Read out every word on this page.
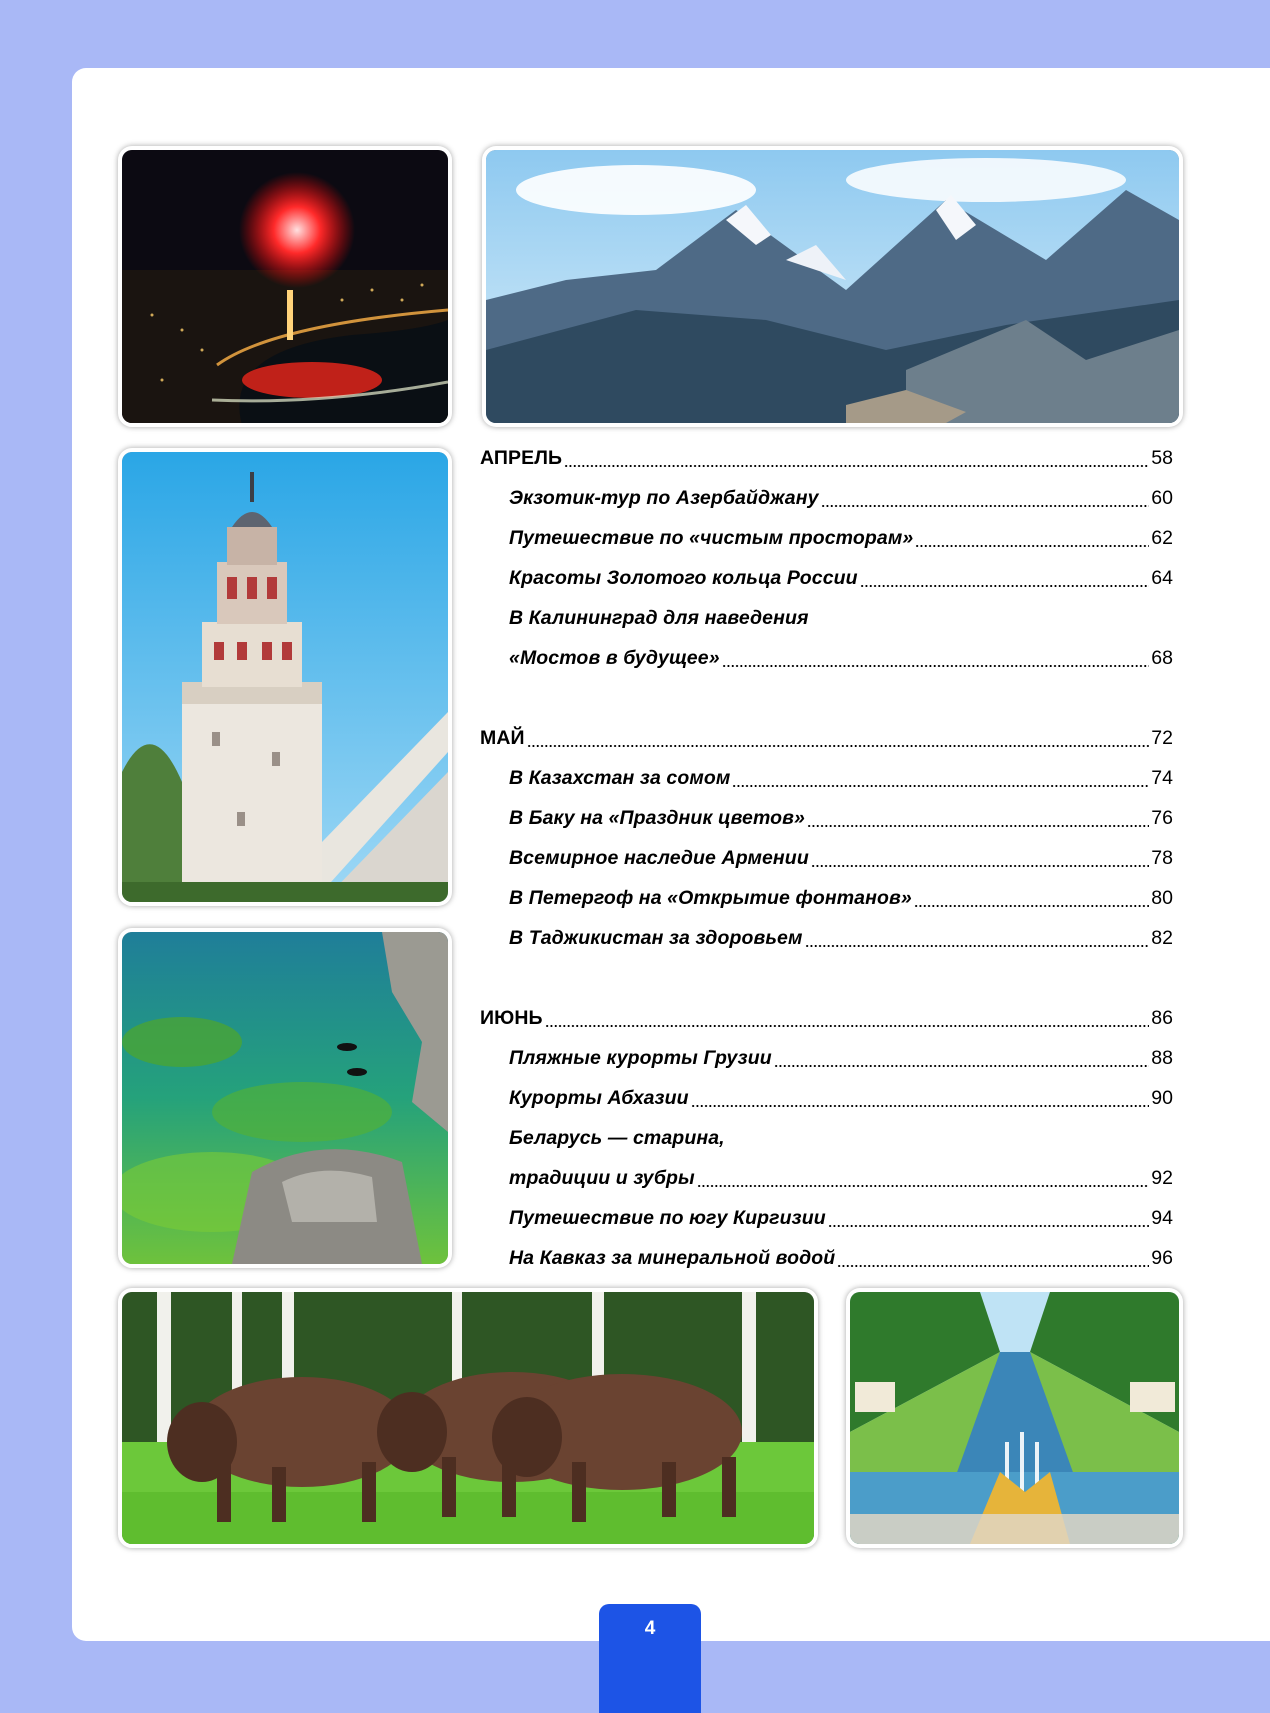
4
АПРЕЛЬ	58
Экзотик-тур по Азербайджану	60
Путешествие по «чистым просторам»	62
Красоты Золотого кольца России	64
В Калининград для наведения
«Мостов в будущее»	68
МАЙ	72
В Казахстан за сомом	74
В Баку на «Праздник цветов»	76
Всемирное наследие Армении	78
В Петергоф на «Открытие фонтанов»	80
В Таджикистан за здоровьем	82
ИЮНЬ	86
Пляжные курорты Грузии	88
Курорты Абхазии	90
Беларусь — старина,
традиции и зубры	92
Путешествие по югу Киргизии	94
На Кавказ за минеральной водой	96
